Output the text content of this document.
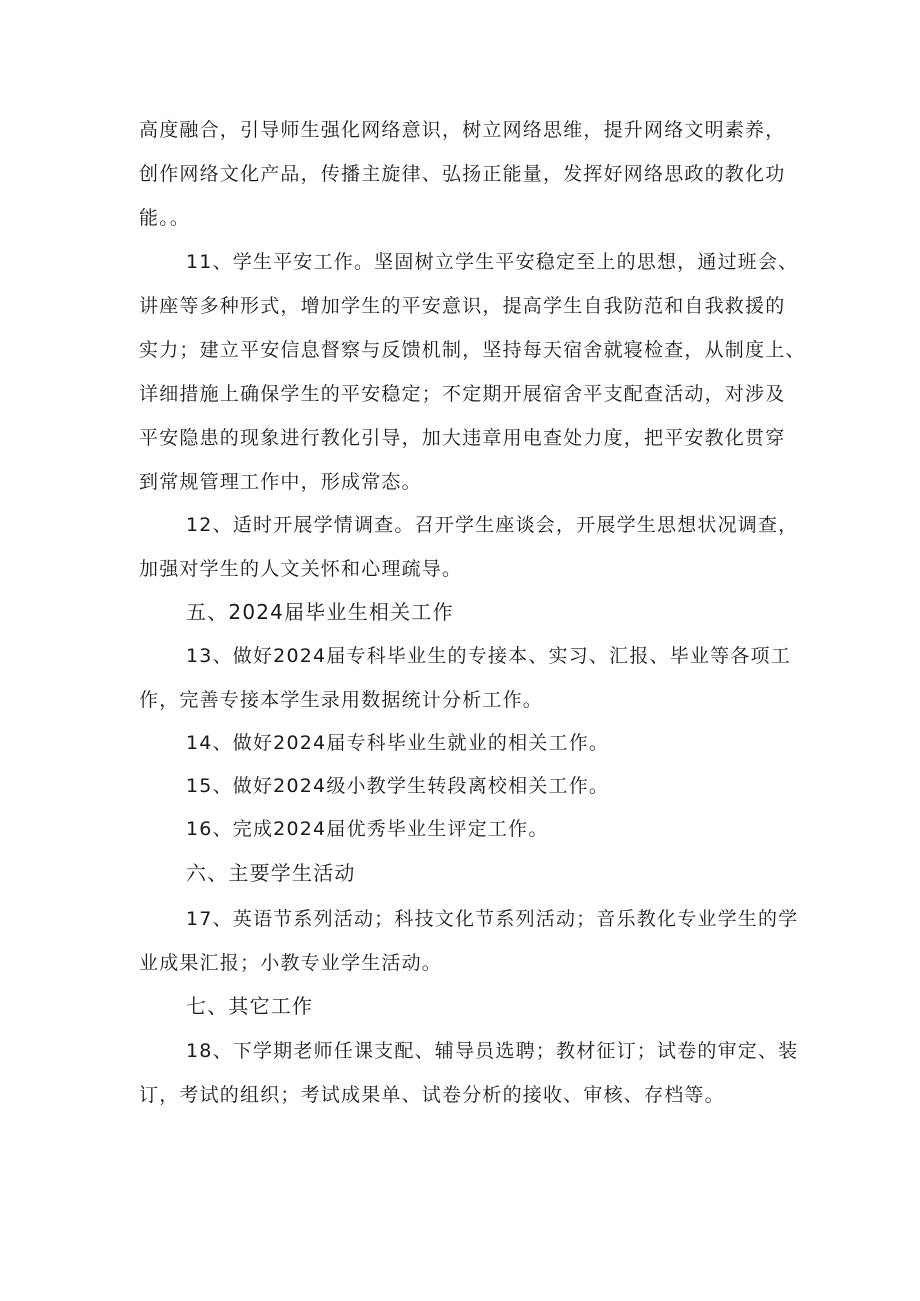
高度融合，引导师生强化网络意识，树立网络思维，提升网络文明素养，
创作网络文化产品，传播主旋律、弘扬正能量，发挥好网络思政的教化功
能。。
11、学生平安工作。坚固树立学生平安稳定至上的思想，通过班会、
讲座等多种形式，增加学生的平安意识，提高学生自我防范和自我救援的
实力；建立平安信息督察与反馈机制，坚持每天宿舍就寝检查，从制度上、
详细措施上确保学生的平安稳定；不定期开展宿舍平支配查活动，对涉及
平安隐患的现象进行教化引导，加大违章用电查处力度，把平安教化贯穿
到常规管理工作中，形成常态。
12、适时开展学情调查。召开学生座谈会，开展学生思想状况调查，
加强对学生的人文关怀和心理疏导。
五、2024届毕业生相关工作
13、做好2024届专科毕业生的专接本、实习、汇报、毕业等各项工
作，完善专接本学生录用数据统计分析工作。
14、做好2024届专科毕业生就业的相关工作。
15、做好2024级小教学生转段离校相关工作。
16、完成2024届优秀毕业生评定工作。
六、主要学生活动
17、英语节系列活动；科技文化节系列活动；音乐教化专业学生的学
业成果汇报；小教专业学生活动。
七、其它工作
18、下学期老师任课支配、辅导员选聘；教材征订；试卷的审定、装
订，考试的组织；考试成果单、试卷分析的接收、审核、存档等。
